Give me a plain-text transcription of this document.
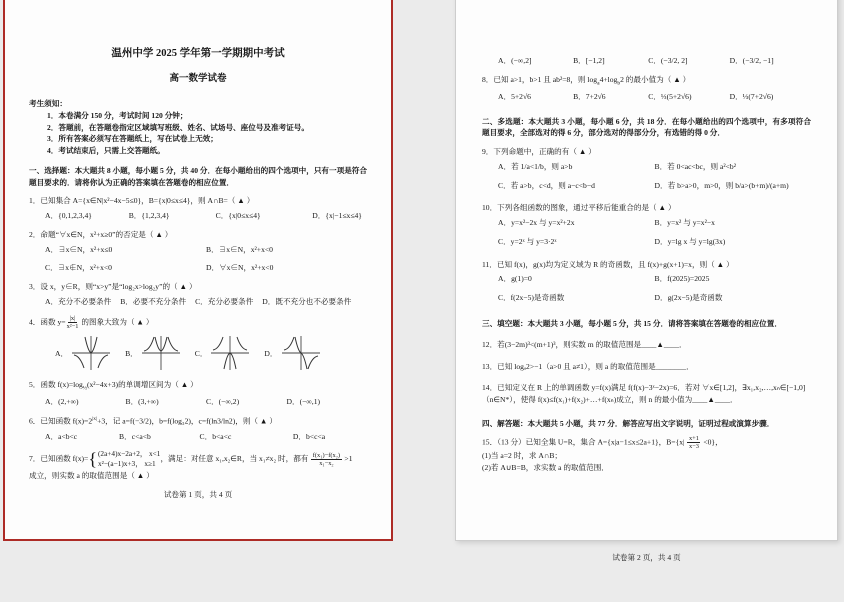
温州中学 2025 学年第一学期期中考试
高一数学试卷
考生须知：
1．本卷满分 150 分，考试时间 120 分钟；
2．答题前，在答题卷指定区域填写班级、姓名、试场号、座位号及准考证号。
3．所有答案必须写在答题纸上，写在试卷上无效；
4．考试结束后，只需上交答题纸。
一、选择题：本大题共 8 小题，每小题 5 分，共 40 分．在每小题给出的四个选项中，只有一项是符合题目要求的．请将你认为正确的答案填在答题卷的相应位置．
1．已知集合 A={x∈N|x²−4x−5≤0}，B={x|0≤x≤4}，则 A∩B=（ ▲ ）
A．{0,1,2,3,4}	B．{1,2,3,4}	C．{x|0≤x≤4}	D．{x|−1≤x≤4}
2．命题“∀x∈N，x²+x≥0”的否定是（ ▲ ）
A．∃x∈N，x²+x≤0	B．∃x∈N，x²+x<0
C．∃x∉N，x²+x<0	D．∀x∈N，x²+x<0
3．设 x，y∈R，则“x>y”是“log₂x>log₂y”的（ ▲ ）
A．充分不必要条件 B．必要不充分条件 C．充分必要条件 D．既不充分也不必要条件
4．函数 $y= \frac{|x|}{\text{x²−1}}$ 的图象大致为（ ▲ ）
A．	B．	C．	D．
5．函数 $f(x)=\log_{\frac{1}{2}}(x^2-4x+3)$的单调增区间为（ ▲ ）
A．(2,+∞)	B．(3,+∞)	C．(−∞,2)	D．(−∞,1)
6．已知函数 $f(x)=2^{|x|}+3$，记 a=f(−3/2)，b=f(log₃2)，c=f(ln3/ln2)，则（ ▲ ）
A．a<b<c	B．c<a<b	C．b<a<c	D．b<c<a
7．已知函数 f(x)= { (2a+4)x−2a+2， x<1
x²−(a−1)x+3， x≥1
，满足：对任意 x₁,x₂∈R，当 x₁≠x₂ 时，都有 $\frac{\text{f(x₁)−f(x₂)}}{\text{x₁−x₂}} >1$
成立，则实数 a 的取值范围是（ ▲ ）
试卷第 1 页，共 4 页
A．(−∞,2]	B．[−1,2]	C．(−3/2, 2]	D．(−3/2, −1]
8．已知 a>1，b>1 且 ab²=8，则 $\log_a4+\log_b2$ 的最小值为（ ▲ ）
A．5+2√6	B．7+2√6	C．⅓(5+2√6)	D．⅓(7+2√6)
二、多选题：本大题共 3 小题，每小题 6 分，共 18 分．在每小题给出的四个选项中，有多项符合题目要求，全部选对的得 6 分，部分选对的得部分分，有选错的得 0 分．
9．下列命题中，正确的有（ ▲ ）
A．若 1/a<1/b，则 a>b	B．若 0<ac<bc，则 a²<b²
C．若 a>b，c<d，则 a−c<b−d	D．若 b>a>0，m>0，则 b/a>(b+m)/(a+m)
10．下列各组函数的图象，通过平移后能重合的是（ ▲ ）
A．y=x²−2x 与 y=x²+2x	B．y=x² 与 y=x²−x
C．y=2ˣ 与 y=3·2ˣ	D．y=lg x 与 y=lg(3x)
11．已知 f(x)，g(x)均为定义域为 R 的奇函数，且 f(x)+g(x+1)=x，则（ ▲ ）
A．g(1)=0	B．f(2025)=2025
C．f(2x−5)是奇函数	D．g(2x−5)是奇函数
三、填空题：本大题共 3 小题，每小题 5 分，共 15 分．请将答案填在答题卷的相应位置．
12．若(3−2m)³<(m+1)³，则实数 m 的取值范围是____▲____．
13．已知 logₐ2>−1（a>0 且 a≠1），则 a 的取值范围是________．
14．已知定义在 R 上的单调函数 y=f(x)满足 f(f(x)−3ˣ−2x)=6．若对 ∀x∈[1,2]，∃x₁,x₂,…,xₙ∈[−1,0]（n∈N*），使得 f(x)≤f(x₁)+f(x₂)+…+f(xₙ)成立，则 n 的最小值为____▲____．
四、解答题：本大题共 5 小题，共 77 分．解答应写出文字说明，证明过程或演算步骤．
15．（13 分）已知全集 U=R，集合 A={x|a−1≤x≤2a+1}，$B=\{x| \frac{x+1}{x-3} <0\}$，
(1)当 a=2 时，求 A∩B；
(2)若 A∪B=B，求实数 a 的取值范围．
试卷第 2 页，共 4 页
